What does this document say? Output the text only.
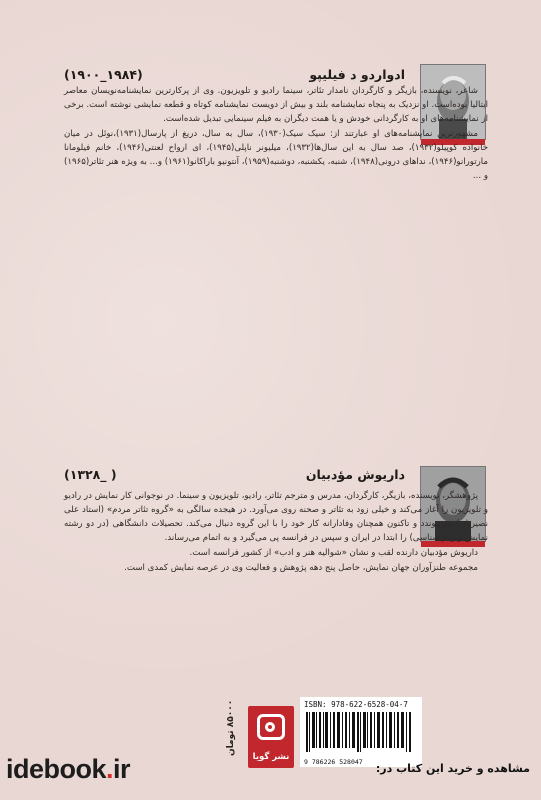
ادواردو د فیلیپو
(۱۹۰۰_۱۹۸۴)

شاعر، نویسنده، بازیگر و کارگردان نامدار تئاتر، سینما رادیو و تلویزیون. وی از پرکارترین نمایشنامه‌نویسان معاصر ایتالیا بوده‌است. او نزدیک به پنجاه نمایشنامه بلند و بیش از دویست نمایشنامه کوتاه و قطعه نمایشی نوشته است. برخی از نمایشنامه‌های او به کارگردانی خودش و یا همت دیگران به فیلم سینمایی تبدیل شده‌است.

مشهورترین نمایشنامه‌های او عبارتند از: سیک سیک(۱۹۳۰)، سال به سال، دریغ از پارسال(۱۹۳۱)،نوئل در میان خانواده کوپیلو(۱۹۳۲)، صد سال به این سال‌ها(۱۹۳۲)، میلیونر ناپلی(۱۹۴۵)، ای ارواح لعنتی(۱۹۴۶)، خانم فیلومانا مارتورانو(۱۹۴۶)، نداهای درونی(۱۹۴۸)، شنبه، یکشنبه، دوشنبه(۱۹۵۹)، آنتونیو باراکانو(۱۹۶۱) و... به ویژه هنر تئاتر(۱۹۶۵) و ...

داریوش مؤدبیان
(۱۳۲۸_ )

پژوهشگر، نویسنده، بازیگر، کارگردان، مدرس و مترجم تئاتر، رادیو، تلویزیون و سینما. در نوجوانی کار نمایش در رادیو و تلویزیون را آغاز می‌کند و خیلی زود به تئاتر و صحنه روی می‌آورد. در هیجده سالگی به «گروه تئاتر مردم» (استاد علی نصیریان) می‌پیوندد و تاکنون همچنان وفادارانه کار خود را با این گروه دنبال می‌کند. تحصیلات دانشگاهی (در دو رشته نمایش و زبان‌شناسی) را ابتدا در ایران و سپس در فرانسه پی می‌گیرد و به اتمام می‌رساند.

داریوش مؤدبیان دارنده لقب و نشان «شوالیه هنر و ادب» از کشور فرانسه است.

مجموعه طنزآوران جهان نمایش، حاصل پنج دهه پژوهش و فعالیت وی در عرصه نمایش کمدی است.

۸۵۰۰۰ تومان
نشر گویا
ISBN: 978-622-6528-04-7
9 786226 528047
idebook.ir	مشاهده و خرید این کتاب در:
